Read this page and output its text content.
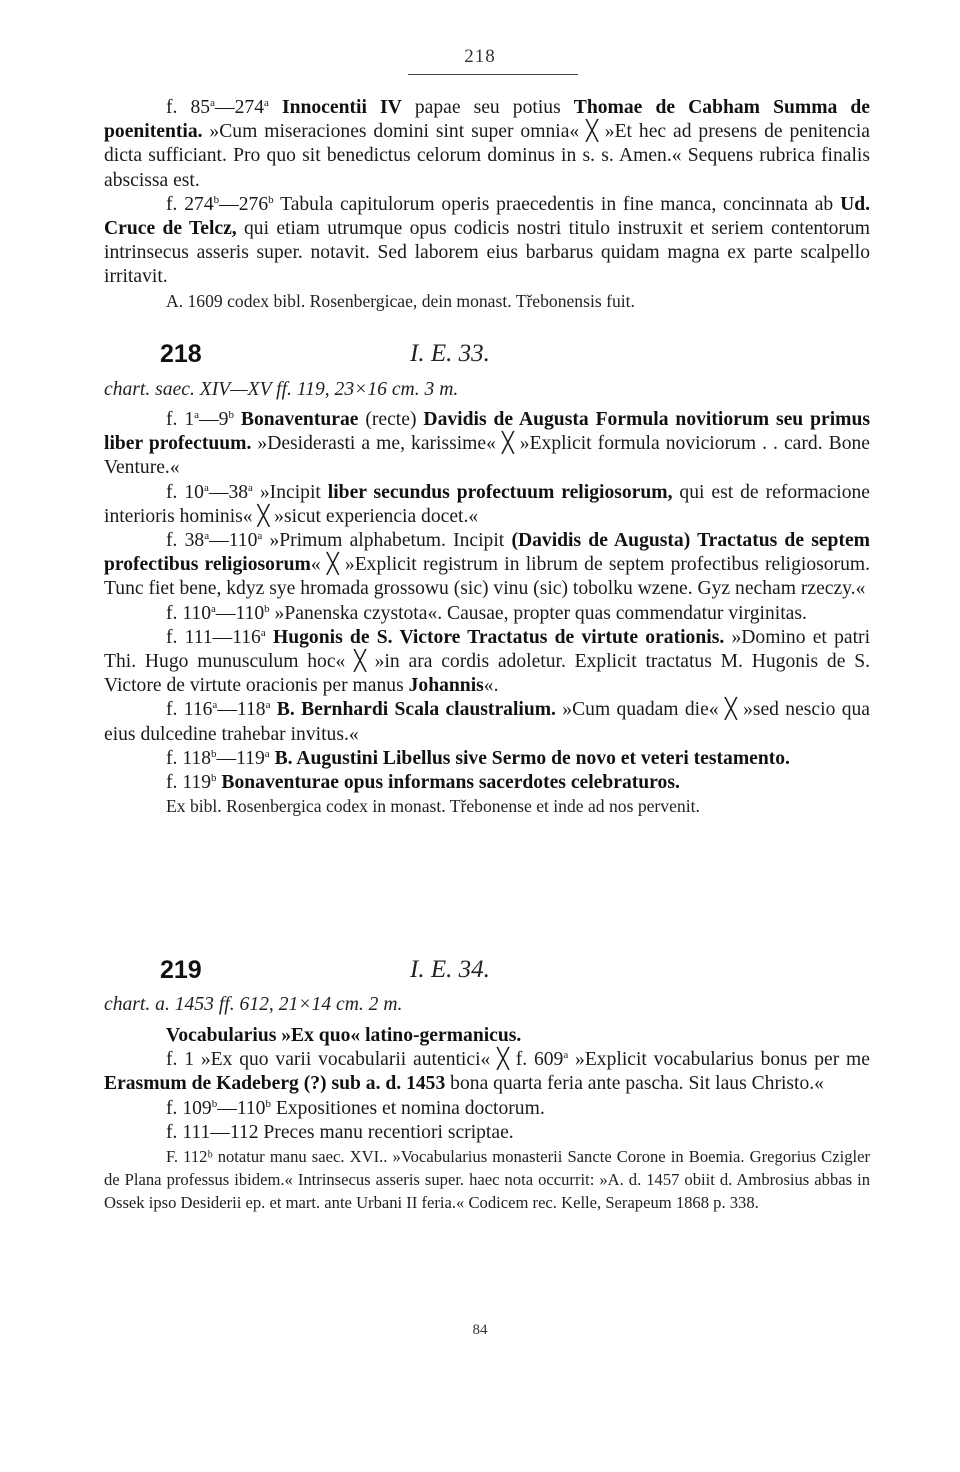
218

f. 85$^a$—274$^a$ Innocentii IV papae seu potius Thomae de Cabham Summa de poenitentia. »Cum miseraciones domini sint super omnia« ╳ »Et hec ad presens de penitencia dicta sufficiant. Pro quo sit benedictus celorum dominus in s. s. Amen.« Sequens rubrica finalis abscissa est.

f. 274$^b$—276$^b$ Tabula capitulorum operis praecedentis in fine manca, concinnata ab Ud. Cruce de Telcz, qui etiam utrumque opus codicis nostri titulo instruxit et seriem contentorum intrinsecus asseris super. notavit. Sed laborem eius barbarus quidam magna ex parte scalpello irritavit.

A. 1609 codex bibl. Rosenbergicae, dein monast. Třebonensis fuit.

218	I. E. 33.
chart. saec. XIV—XV ff. 119, 23×16 cm. 3 m.

f. 1$^a$—9$^b$ Bonaventurae (recte) Davidis de Augusta Formula novitiorum seu primus liber profectuum. »Desiderasti a me, karissime« ╳ »Explicit formula noviciorum . . card. Bone Venture.«

f. 10$^a$—38$^a$ »Incipit liber secundus profectuum religiosorum, qui est de reformacione interioris hominis« ╳ »sicut experiencia docet.«

f. 38$^a$—110$^a$ »Primum alphabetum. Incipit (Davidis de Augusta) Tractatus de septem profectibus religiosorum« ╳ »Explicit registrum in librum de septem profectibus religiosorum. Tunc fiet bene, kdyz sye hromada grossowu (sic) vinu (sic) tobolku wzene. Gyz necham rzeczy.«

f. 110$^a$—110$^b$ »Panenska czystota«. Causae, propter quas commendatur virginitas.

f. 111—116$^a$ Hugonis de S. Victore Tractatus de virtute orationis. »Domino et patri Thi. Hugo munusculum hoc« ╳ »in ara cordis adoletur. Explicit tractatus M. Hugonis de S. Victore de virtute oracionis per manus Johannis«.

f. 116$^a$—118$^a$ B. Bernhardi Scala claustralium. »Cum quadam die« ╳ »sed nescio qua eius dulcedine trahebar invitus.«

f. 118$^b$—119$^a$ B. Augustini Libellus sive Sermo de novo et veteri testamento.

f. 119$^b$ Bonaventurae opus informans sacerdotes celebraturos.

Ex bibl. Rosenbergica codex in monast. Třebonense et inde ad nos pervenit.

219	I. E. 34.
chart. a. 1453 ff. 612, 21×14 cm. 2 m.

Vocabularius »Ex quo« latino-germanicus.

f. 1 »Ex quo varii vocabularii autentici« ╳ f. 609$^a$ »Explicit vocabularius bonus per me Erasmum de Kadeberg (?) sub a. d. 1453 bona quarta feria ante pascha. Sit laus Christo.«

f. 109$^b$—110$^b$ Expositiones et nomina doctorum.

f. 111—112 Preces manu recentiori scriptae.

F. 112ᵇ notatur manu saec. XVI.. »Vocabularius monasterii Sancte Corone in Boemia. Gregorius Czigler de Plana professus ibidem.« Intrinsecus asseris super. haec nota occurrit: »A. d. 1457 obiit d. Ambrosius abbas in Ossek ipso Desiderii ep. et mart. ante Urbani II feria.« Codicem rec. Kelle, Serapeum 1868 p. 338.

84
